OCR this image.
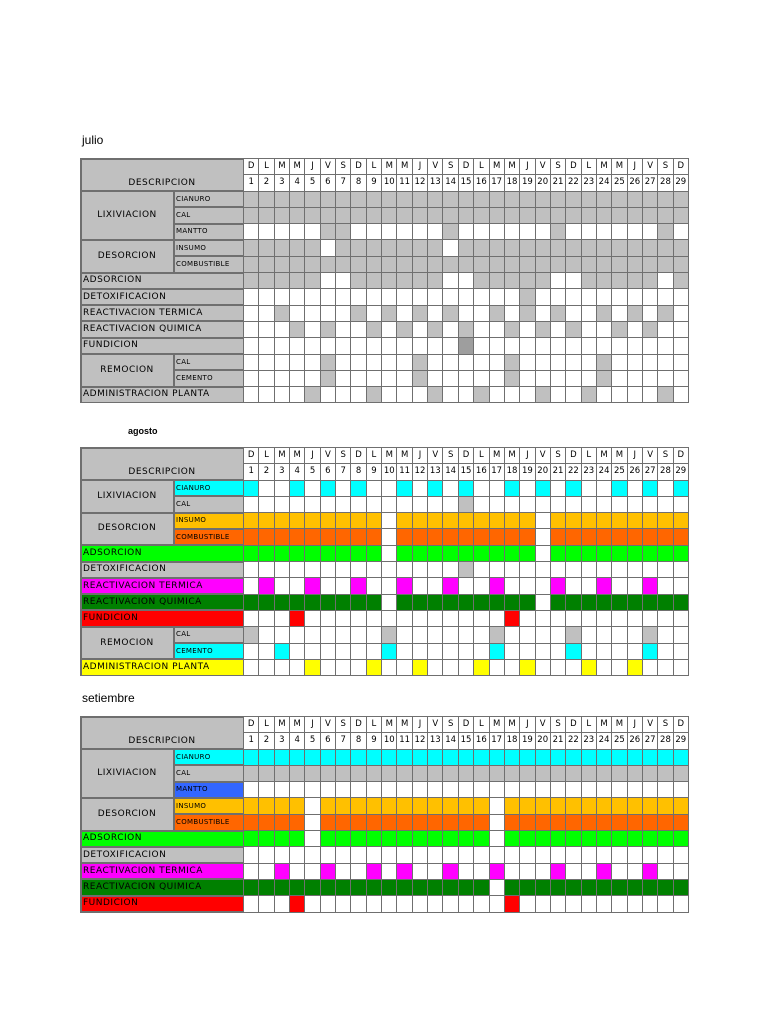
julio
DESCRIPCION		D	L	M	M	J	V	S	D	L	M	M	J	V	S	D	L	M	M	J	V	S	D	L	M	M	J	V	S	D
		1	2	3	4	5	6	7	8	9	10	11	12	13	14	15	16	17	18	19	20	21	22	23	24	25	26	27	28	29
LIXIVIACION	CIANURO																													
	CAL																													
	MANTTO																													
DESORCION	INSUMO																													
	COMBUSTIBLE																													
ADSORCION																														
DETOXIFICACION																														
REACTIVACION TERMICA																														
REACTIVACION QUIMICA																														
FUNDICION																														
REMOCION	CAL																													
	CEMENTO																													
ADMINISTRACION PLANTA																														
agosto
DESCRIPCION		D	L	M	M	J	V	S	D	L	M	M	J	V	S	D	L	M	M	J	V	S	D	L	M	M	J	V	S	D
		1	2	3	4	5	6	7	8	9	10	11	12	13	14	15	16	17	18	19	20	21	22	23	24	25	26	27	28	29
LIXIVIACION	CIANURO																													
	CAL																													
DESORCION	INSUMO																													
	COMBUSTIBLE																													
ADSORCION																														
DETOXIFICACION																														
REACTIVACION TERMICA																														
REACTIVACION QUIMICA																														
FUNDICION																														
REMOCION	CAL																													
	CEMENTO																													
ADMINISTRACION PLANTA																														
setiembre
DESCRIPCION		D	L	M	M	J	V	S	D	L	M	M	J	V	S	D	L	M	M	J	V	S	D	L	M	M	J	V	S	D
		1	2	3	4	5	6	7	8	9	10	11	12	13	14	15	16	17	18	19	20	21	22	23	24	25	26	27	28	29
LIXIVIACION	CIANURO																													
	CAL																													
	MANTTO																													
DESORCION	INSUMO																													
	COMBUSTIBLE																													
ADSORCION																														
DETOXIFICACION																														
REACTIVACION TERMICA																														
REACTIVACION QUIMICA																														
FUNDICION																														
